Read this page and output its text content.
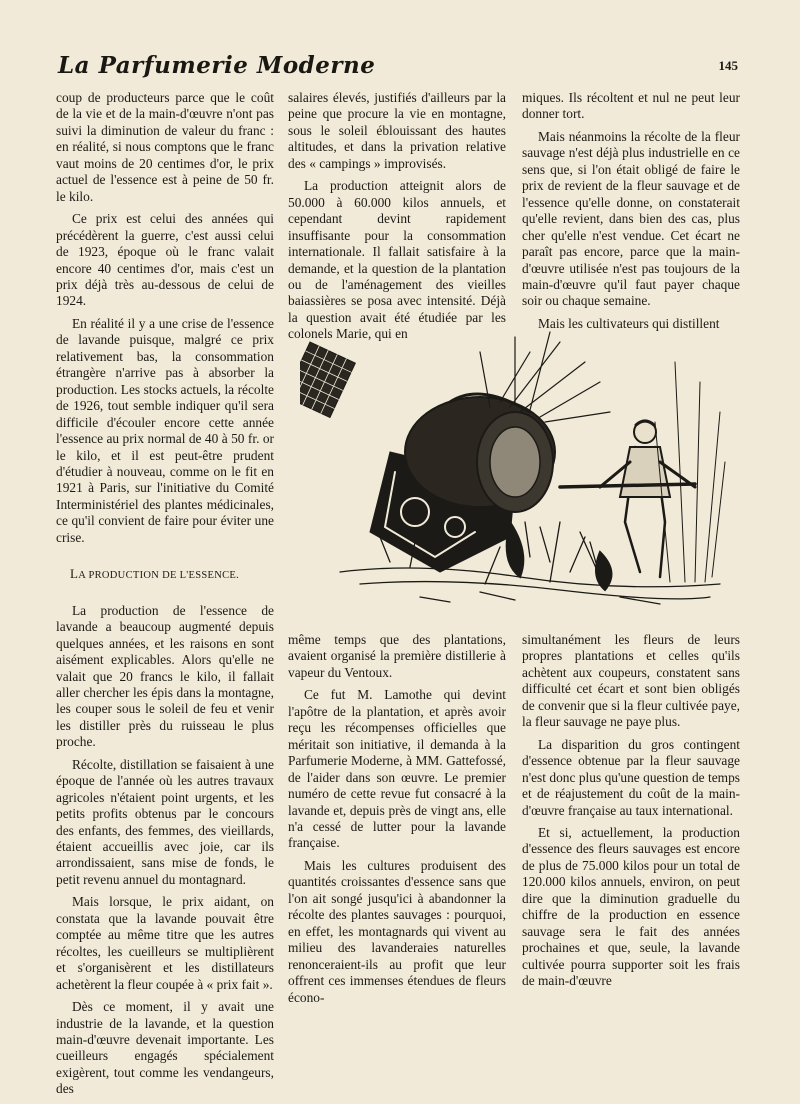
La Parfumerie Moderne	145

coup de producteurs parce que le coût de la vie et de la main-d'œuvre n'ont pas suivi la diminution de valeur du franc : en réalité, si nous comptons que le franc vaut moins de 20 centimes d'or, le prix actuel de l'essence est à peine de 50 fr. le kilo.

Ce prix est celui des années qui précédèrent la guerre, c'est aussi celui de 1923, époque où le franc valait encore 40 centimes d'or, mais c'est un prix déjà très au-dessous de celui de 1924.

En réalité il y a une crise de l'essence de lavande puisque, malgré ce prix relativement bas, la consommation étrangère n'arrive pas à absorber la production. Les stocks actuels, la récolte de 1926, tout semble indiquer qu'il sera difficile d'écouler encore cette année l'essence au prix normal de 40 à 50 fr. or le kilo, et il est peut-être prudent d'étudier à nouveau, comme on le fit en 1921 à Paris, sur l'initiative du Comité Interministériel des plantes médicinales, ce qu'il convient de faire pour éviter une crise.

LA PRODUCTION DE L'ESSENCE.

La production de l'essence de lavande a beaucoup augmenté depuis quelques années, et les raisons en sont aisément explicables. Alors qu'elle ne valait que 20 francs le kilo, il fallait aller chercher les épis dans la montagne, les couper sous le soleil de feu et venir les distiller près du ruisseau le plus proche.

Récolte, distillation se faisaient à une époque de l'année où les autres travaux agricoles n'étaient point urgents, et les petits profits obtenus par le concours des enfants, des femmes, des vieillards, étaient accueillis avec joie, car ils arrondissaient, sans mise de fonds, le petit revenu annuel du montagnard.

Mais lorsque, le prix aidant, on constata que la lavande pouvait être comptée au même titre que les autres récoltes, les cueilleurs se multiplièrent et s'organisèrent et les distillateurs achetèrent la fleur coupée à « prix fait ».

Dès ce moment, il y avait une industrie de la lavande, et la question main-d'œuvre devenait importante. Les cueilleurs engagés spécialement exigèrent, tout comme les vendangeurs, des

salaires élevés, justifiés d'ailleurs par la peine que procure la vie en montagne, sous le soleil éblouissant des hautes altitudes, et dans la privation relative des « campings » improvisés.

La production atteignit alors de 50.000 à 60.000 kilos annuels, et cependant devint rapidement insuffisante pour la consommation internationale. Il fallait satisfaire à la demande, et la question de la plantation ou de l'aménagement des vieilles baiassières se posa avec intensité. Déjà la question avait été étudiée par les colonels Marie, qui en

miques. Ils récoltent et nul ne peut leur donner tort.

Mais néanmoins la récolte de la fleur sauvage n'est déjà plus industrielle en ce sens que, si l'on était obligé de faire le prix de revient de la fleur sauvage et de l'essence qu'elle donne, on constaterait qu'elle revient, dans bien des cas, plus cher qu'elle n'est vendue. Cet écart ne paraît pas encore, parce que la main-d'œuvre utilisée n'est pas toujours de la main-d'œuvre qu'il faut payer chaque soir ou chaque semaine.

Mais les cultivateurs qui distillent

même temps que des plantations, avaient organisé la première distillerie à vapeur du Ventoux.

Ce fut M. Lamothe qui devint l'apôtre de la plantation, et après avoir reçu les récompenses officielles que méritait son initiative, il demanda à la Parfumerie Moderne, à MM. Gattefossé, de l'aider dans son œuvre. Le premier numéro de cette revue fut consacré à la lavande et, depuis près de vingt ans, elle n'a cessé de lutter pour la lavande française.

Mais les cultures produisent des quantités croissantes d'essence sans que l'on ait songé jusqu'ici à abandonner la récolte des plantes sauvages : pourquoi, en effet, les montagnards qui vivent au milieu des lavanderaies naturelles renonceraient-ils au profit que leur offrent ces immenses étendues de fleurs écono-

simultanément les fleurs de leurs propres plantations et celles qu'ils achètent aux coupeurs, constatent sans difficulté cet écart et sont bien obligés de convenir que si la fleur cultivée paye, la fleur sauvage ne paye plus.

La disparition du gros contingent d'essence obtenue par la fleur sauvage n'est donc plus qu'une question de temps et de réajustement du coût de la main-d'œuvre française au taux international.

Et si, actuellement, la production d'essence des fleurs sauvages est encore de plus de 75.000 kilos pour un total de 120.000 kilos annuels, environ, on peut dire que la diminution graduelle du chiffre de la production en essence sauvage sera le fait des années prochaines et que, seule, la lavande cultivée pourra supporter soit les frais de main-d'œuvre
